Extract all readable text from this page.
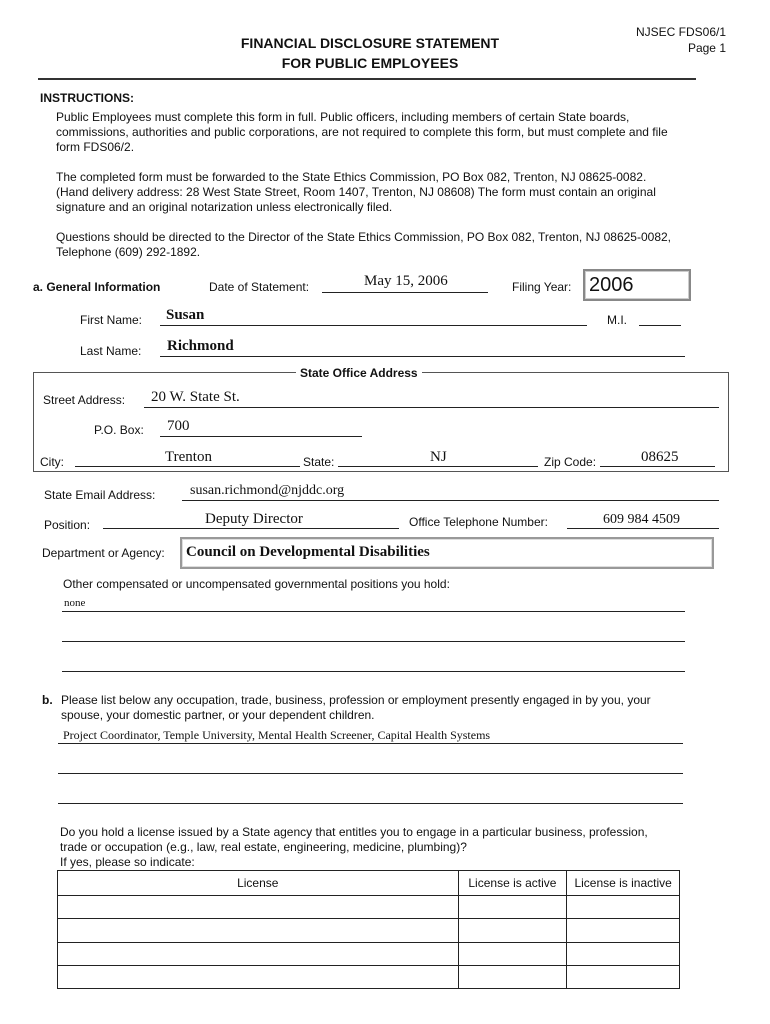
FINANCIAL DISCLOSURE STATEMENT
FOR PUBLIC EMPLOYEES
NJSEC FDS06/1
Page 1
INSTRUCTIONS:
Public Employees must complete this form in full. Public officers, including members of certain State boards,
commissions, authorities and public corporations, are not required to complete this form, but must complete and file
form FDS06/2.
The completed form must be forwarded to the State Ethics Commission, PO Box 082, Trenton, NJ 08625-0082.
(Hand delivery address: 28 West State Street, Room 1407, Trenton, NJ 08608) The form must contain an original
signature and an original notarization unless electronically filed.
Questions should be directed to the Director of the State Ethics Commission, PO Box 082, Trenton, NJ 08625-0082,
Telephone (609) 292-1892.
a. General Information	Date of Statement:	May 15, 2006	Filing Year: 2006
First Name: Susan	M.I.
Last Name: Richmond
State Office Address
Street Address: 20 W. State St.
P.O. Box: 700
City:	Trenton	State:	NJ	Zip Code:	08625
State Email Address: susan.richmond@njddc.org
Position:	Deputy Director	Office Telephone Number:	609 984 4509
Department or Agency: Council on Developmental Disabilities
Other compensated or uncompensated governmental positions you hold:
none
b. Please list below any occupation, trade, business, profession or employment presently engaged in by you, your
spouse, your domestic partner, or your dependent children.
Project Coordinator, Temple University, Mental Health Screener, Capital Health Systems
Do you hold a license issued by a State agency that entitles you to engage in a particular business, profession,
trade or occupation (e.g., law, real estate, engineering, medicine, plumbing)?
If yes, please so indicate:
License	License is active	License is inactive
